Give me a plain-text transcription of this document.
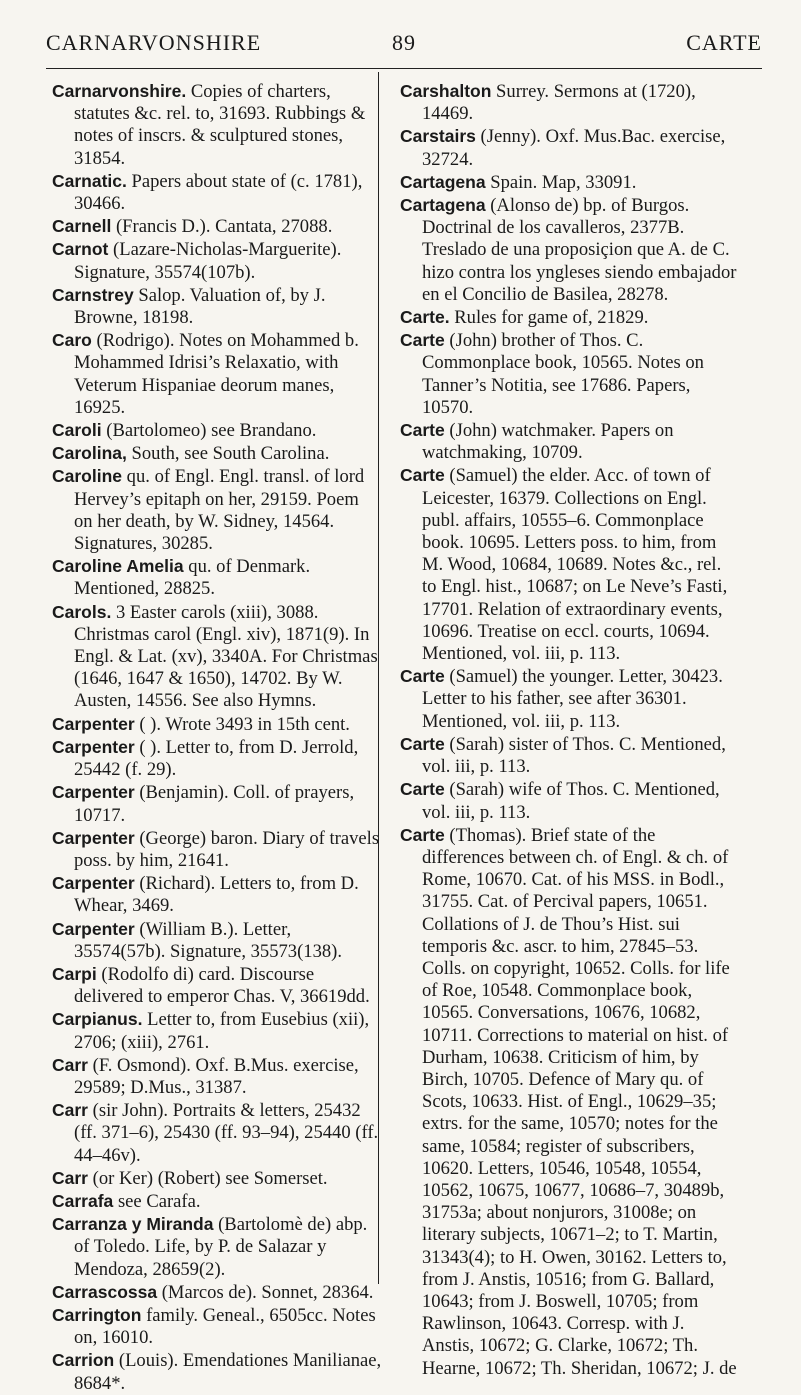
CARNARVONSHIRE	89	CARTE

Carnarvonshire. Copies of charters, statutes &c. rel. to, 31693. Rubbings & notes of inscrs. & sculptured stones, 31854.

Carnatic. Papers about state of (c. 1781), 30466.

Carnell (Francis D.). Cantata, 27088.

Carnot (Lazare-Nicholas-Marguerite). Signature, 35574(107b).

Carnstrey Salop. Valuation of, by J. Browne, 18198.

Caro (Rodrigo). Notes on Mohammed b. Mohammed Idrisi’s Relaxatio, with Veterum Hispaniae deorum manes, 16925.

Caroli (Bartolomeo) see Brandano.

Carolina, South, see South Carolina.

Caroline qu. of Engl. Engl. transl. of lord Hervey’s epitaph on her, 29159. Poem on her death, by W. Sidney, 14564. Signatures, 30285.

Caroline Amelia qu. of Denmark. Mentioned, 28825.

Carols. 3 Easter carols (xiii), 3088. Christmas carol (Engl. xiv), 1871(9). In Engl. & Lat. (xv), 3340A. For Christmas (1646, 1647 & 1650), 14702. By W. Austen, 14556. See also Hymns.

Carpenter ( ). Wrote 3493 in 15th cent.

Carpenter ( ). Letter to, from D. Jerrold, 25442 (f. 29).

Carpenter (Benjamin). Coll. of prayers, 10717.

Carpenter (George) baron. Diary of travels poss. by him, 21641.

Carpenter (Richard). Letters to, from D. Whear, 3469.

Carpenter (William B.). Letter, 35574(57b). Signature, 35573(138).

Carpi (Rodolfo di) card. Discourse delivered to emperor Chas. V, 36619dd.

Carpianus. Letter to, from Eusebius (xii), 2706; (xiii), 2761.

Carr (F. Osmond). Oxf. B.Mus. exercise, 29589; D.Mus., 31387.

Carr (sir John). Portraits & letters, 25432 (ff. 371–6), 25430 (ff. 93–94), 25440 (ff. 44–46v).

Carr (or Ker) (Robert) see Somerset.

Carrafa see Carafa.

Carranza y Miranda (Bartolomè de) abp. of Toledo. Life, by P. de Salazar y Mendoza, 28659(2).

Carrascossa (Marcos de). Sonnet, 28364.

Carrington family. Geneal., 6505cc. Notes on, 16010.

Carrion (Louis). Emendationes Manilianae, 8684*.

Carshalton Surrey. Sermons at (1720), 14469.

Carstairs (Jenny). Oxf. Mus.Bac. exercise, 32724.

Cartagena Spain. Map, 33091.

Cartagena (Alonso de) bp. of Burgos. Doctrinal de los cavalleros, 2377B. Treslado de una proposiçion que A. de C. hizo contra los yngleses siendo embajador en el Concilio de Basilea, 28278.

Carte. Rules for game of, 21829.

Carte (John) brother of Thos. C. Commonplace book, 10565. Notes on Tanner’s Notitia, see 17686. Papers, 10570.

Carte (John) watchmaker. Papers on watchmaking, 10709.

Carte (Samuel) the elder. Acc. of town of Leicester, 16379. Collections on Engl. publ. affairs, 10555–6. Commonplace book. 10695. Letters poss. to him, from M. Wood, 10684, 10689. Notes &c., rel. to Engl. hist., 10687; on Le Neve’s Fasti, 17701. Relation of extraordinary events, 10696. Treatise on eccl. courts, 10694. Mentioned, vol. iii, p. 113.

Carte (Samuel) the younger. Letter, 30423. Letter to his father, see after 36301. Mentioned, vol. iii, p. 113.

Carte (Sarah) sister of Thos. C. Mentioned, vol. iii, p. 113.

Carte (Sarah) wife of Thos. C. Mentioned, vol. iii, p. 113.

Carte (Thomas). Brief state of the differences between ch. of Engl. & ch. of Rome, 10670. Cat. of his MSS. in Bodl., 31755. Cat. of Percival papers, 10651. Collations of J. de Thou’s Hist. sui temporis &c. ascr. to him, 27845–53. Colls. on copyright, 10652. Colls. for life of Roe, 10548. Commonplace book, 10565. Conversations, 10676, 10682, 10711. Corrections to material on hist. of Durham, 10638. Criticism of him, by Birch, 10705. Defence of Mary qu. of Scots, 10633. Hist. of Engl., 10629–35; extrs. for the same, 10570; notes for the same, 10584; register of subscribers, 10620. Letters, 10546, 10548, 10554, 10562, 10675, 10677, 10686–7, 30489b, 31753a; about nonjurors, 31008e; on literary subjects, 10671–2; to T. Martin, 31343(4); to H. Owen, 30162. Letters to, from J. Anstis, 10516; from G. Ballard, 10643; from J. Boswell, 10705; from Rawlinson, 10643. Corresp. with J. Anstis, 10672; G. Clarke, 10672; Th. Hearne, 10672; Th. Sheridan, 10672; J. de
